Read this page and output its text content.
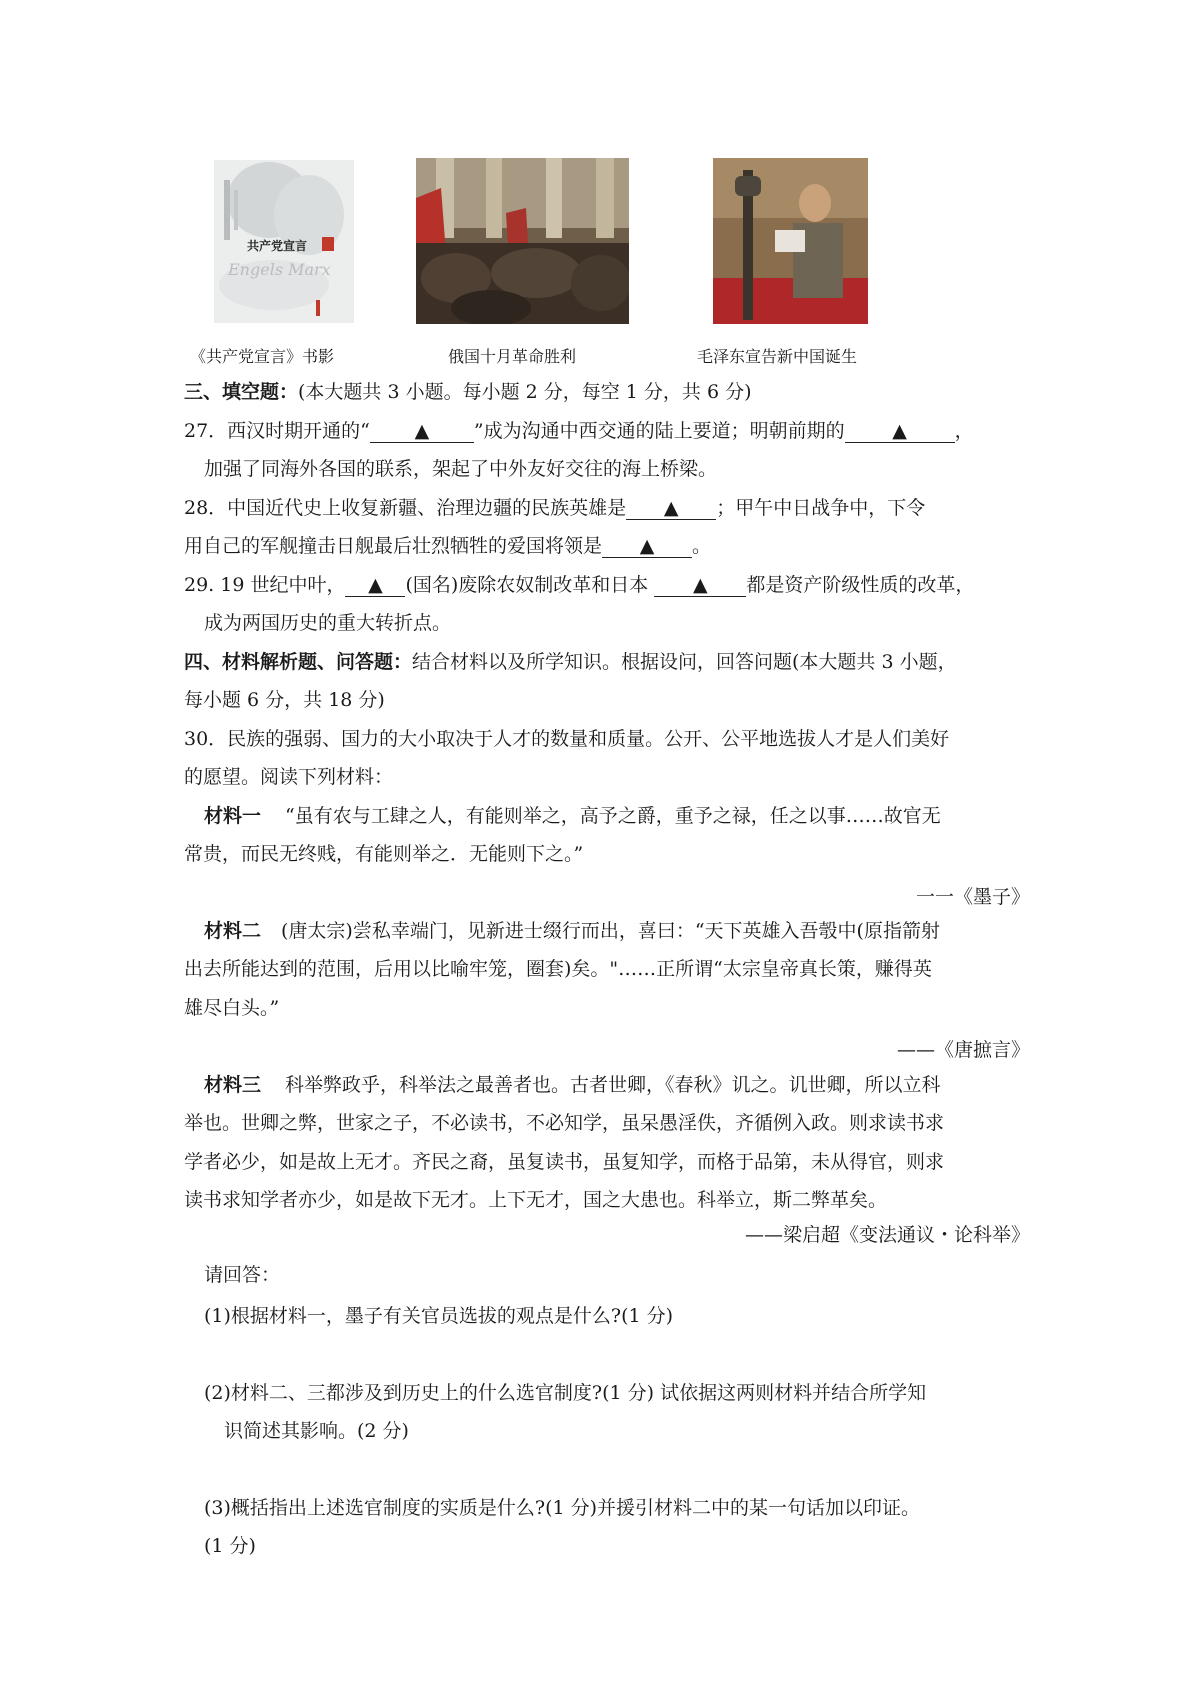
共产党宣言
Engels Marx
《共产党宣言》书影	俄国十月革命胜利	毛泽东宣告新中国诞生
三、填空题：(本大题共 3 小题。每小题 2 分，每空 1 分，共 6 分)
27．西汉时期开通的“ ▲ ”成为沟通中西交通的陆上要道；明朝前期的	▲	，
加强了同海外各国的联系，架起了中外友好交往的海上桥梁。
28．中国近代史上收复新疆、治理边疆的民族英雄是 ▲ ；甲午中日战争中，下令
用自己的军舰撞击日舰最后壮烈牺牲的爱国将领是 ▲ 。
29. 19 世纪中叶， ▲ (国名)废除农奴制改革和日本 ▲ 都是资产阶级性质的改革，
成为两国历史的重大转折点。
四、材料解析题、问答题：结合材料以及所学知识。根据设问，回答问题(本大题共 3 小题，
每小题 6 分，共 18 分)
30．民族的强弱、国力的大小取决于人才的数量和质量。公开、公平地选拔人才是人们美好
的愿望。阅读下列材料：
材料一 “虽有农与工肆之人，有能则举之，高予之爵，重予之禄，任之以事……故官无
常贵，而民无终贱，有能则举之．无能则下之。”
一一《墨子》
材料二 (唐太宗)尝私幸端门，见新进士缀行而出，喜曰：“天下英雄入吾彀中(原指箭射
出去所能达到的范围，后用以比喻牢笼，圈套)矣。"……正所谓“太宗皇帝真长策，赚得英
雄尽白头。”
——《唐摭言》
材料三 科举弊政乎，科举法之最善者也。古者世卿，《春秋》讥之。讥世卿，所以立科
举也。世卿之弊，世家之子，不必读书，不必知学，虽呆愚淫佚，齐循例入政。则求读书求
学者必少，如是故上无才。齐民之裔，虽复读书，虽复知学，而格于品第，未从得官，则求
读书求知学者亦少，如是故下无才。上下无才，国之大患也。科举立，斯二弊革矣。
——梁启超《变法通议・论科举》
请回答：
(1)根据材料一，墨子有关官员选拔的观点是什么?(1 分)
(2)材料二、三都涉及到历史上的什么选官制度?(1 分) 试依据这两则材料并结合所学知
识简述其影响。(2 分)
(3)概括指出上述选官制度的实质是什么?(1 分)并援引材料二中的某一句话加以印证。
(1 分)
